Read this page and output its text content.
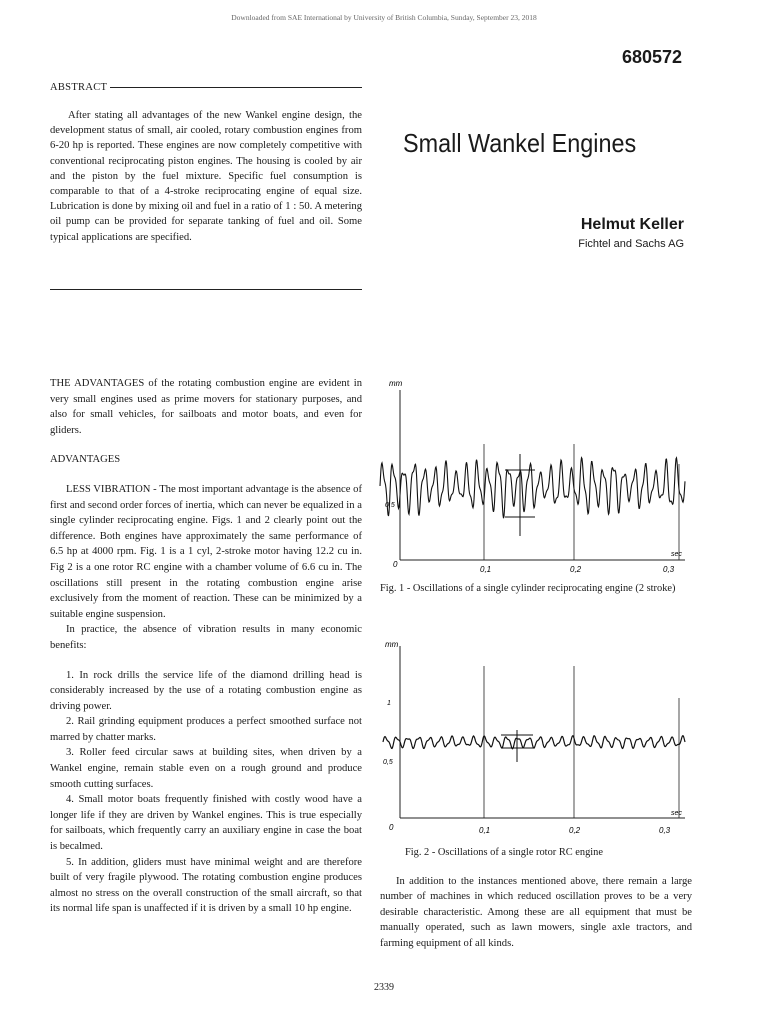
Downloaded from SAE International by University of British Columbia, Sunday, September 23, 2018
680572
ABSTRACT

After stating all advantages of the new Wankel engine design, the development status of small, air cooled, rotary combustion engines from 6-20 hp is reported. These engines are now completely competitive with conventional reciprocating piston engines. The housing is cooled by air and the piston by the fuel mixture. Specific fuel consumption is comparable to that of a 4-stroke reciprocating engine of equal size. Lubrication is done by mixing oil and fuel in a ratio of 1 : 50. A metering oil pump can be provided for separate tanking of fuel and oil. Some typical applications are specified.

Small Wankel Engines
Helmut Keller
Fichtel and Sachs AG

THE ADVANTAGES of the rotating combustion engine are evident in very small engines used as prime movers for stationary purposes, and also for small vehicles, for sailboats and motor boats, and even for gliders.

ADVANTAGES

LESS VIBRATION - The most important advantage is the absence of first and second order forces of inertia, which can never be equalized in a single cylinder reciprocating engine. Figs. 1 and 2 clearly point out the difference. Both engines have approximately the same performance of 6.5 hp at 4000 rpm. Fig. 1 is a 1 cyl, 2-stroke motor having 12.2 cu in. Fig 2 is a one rotor RC engine with a chamber volume of 6.6 cu in. The oscillations still present in the rotating combustion engine arise exclusively from the moment of reaction. These can be minimized by a suitable engine suspension.

In practice, the absence of vibration results in many economic benefits:

1. In rock drills the service life of the diamond drilling head is considerably increased by the use of a rotating combustion engine as driving power.

2. Rail grinding equipment produces a perfect smoothed surface not marred by chatter marks.

3. Roller feed circular saws at building sites, when driven by a Wankel engine, remain stable even on a rough ground and produce smooth cutting surfaces.

4. Small motor boats frequently finished with costly wood have a longer life if they are driven by Wankel engines. This is true especially for sailboats, which frequently carry an auxiliary engine in case the boat is becalmed.

5. In addition, gliders must have minimal weight and are therefore built of very fragile plywood. The rotating combustion engine produces almost no stress on the overall construction of the small aircraft, so that its normal life span is unaffected if it is driven by a small 10 hp engine.

mm
0,5
sec
0
0,1	0,2	0,3
Fig. 1 - Oscillations of a single cylinder reciprocating engine (2 stroke)
mm
1
0,5
sec
0	0,1	0,2	0,3
Fig. 2 - Oscillations of a single rotor RC engine

In addition to the instances mentioned above, there remain a large number of machines in which reduced oscillation proves to be a very desirable characteristic. Among these are all equipment that must be manually operated, such as lawn mowers, single axle tractors, and farming equipment of all kinds.

2339
